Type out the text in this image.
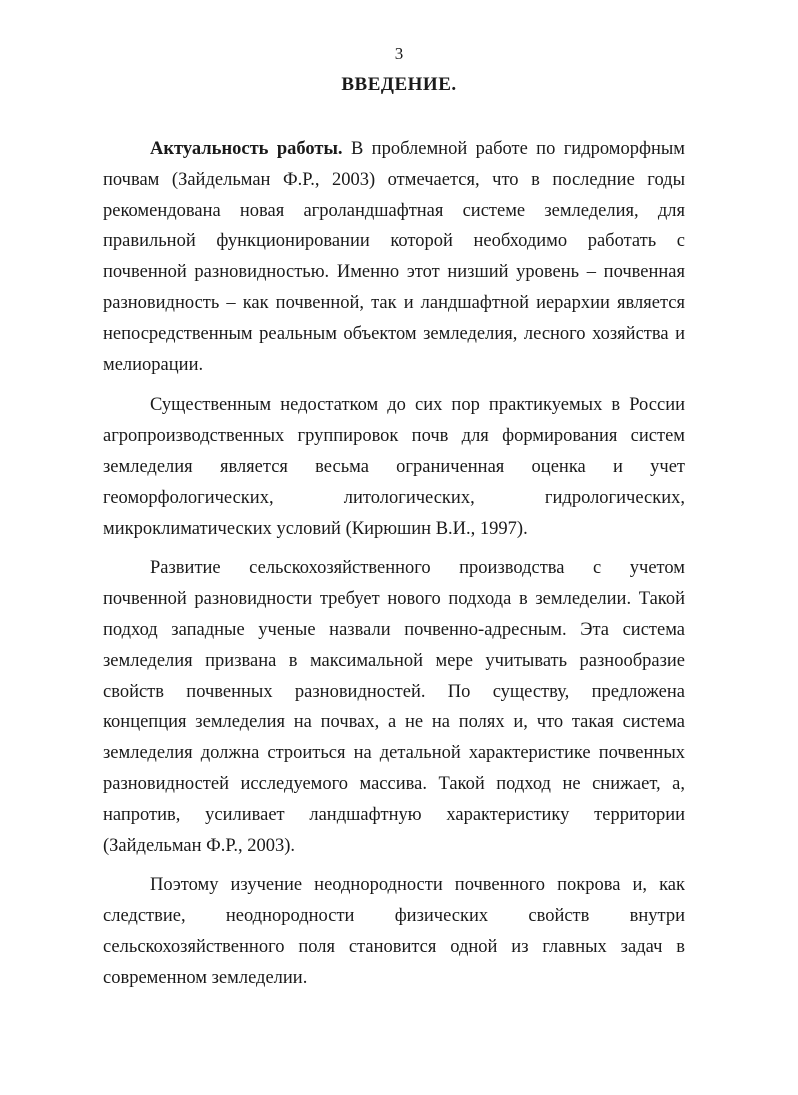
3
ВВЕДЕНИЕ.

Актуальность работы. В проблемной работе по гидроморфным
почвам (Зайдельман Ф.Р., 2003) отмечается, что в последние годы
рекомендована новая агроландшафтная системе земледелия, для
правильной функционировании которой необходимо работать с
почвенной разновидностью. Именно этот низший уровень – почвенная
разновидность – как почвенной, так и ландшафтной иерархии является
непосредственным реальным объектом земледелия, лесного хозяйства и
мелиорации.

Существенным недостатком до сих пор практикуемых в России
агропроизводственных группировок почв для формирования систем
земледелия является весьма ограниченная оценка и учет
геоморфологических, литологических, гидрологических,
микроклиматических условий (Кирюшин В.И., 1997).

Развитие сельскохозяйственного производства с учетом
почвенной разновидности требует нового подхода в земледелии. Такой
подход западные ученые назвали почвенно-адресным. Эта система
земледелия призвана в максимальной мере учитывать разнообразие
свойств почвенных разновидностей. По существу, предложена
концепция земледелия на почвах, а не на полях и, что такая система
земледелия должна строиться на детальной характеристике почвенных
разновидностей исследуемого массива. Такой подход не снижает, а,
напротив, усиливает ландшафтную характеристику территории
(Зайдельман Ф.Р., 2003).

Поэтому изучение неоднородности почвенного покрова и, как
следствие, неоднородности физических свойств внутри
сельскохозяйственного поля становится одной из главных задач в
современном земледелии.
